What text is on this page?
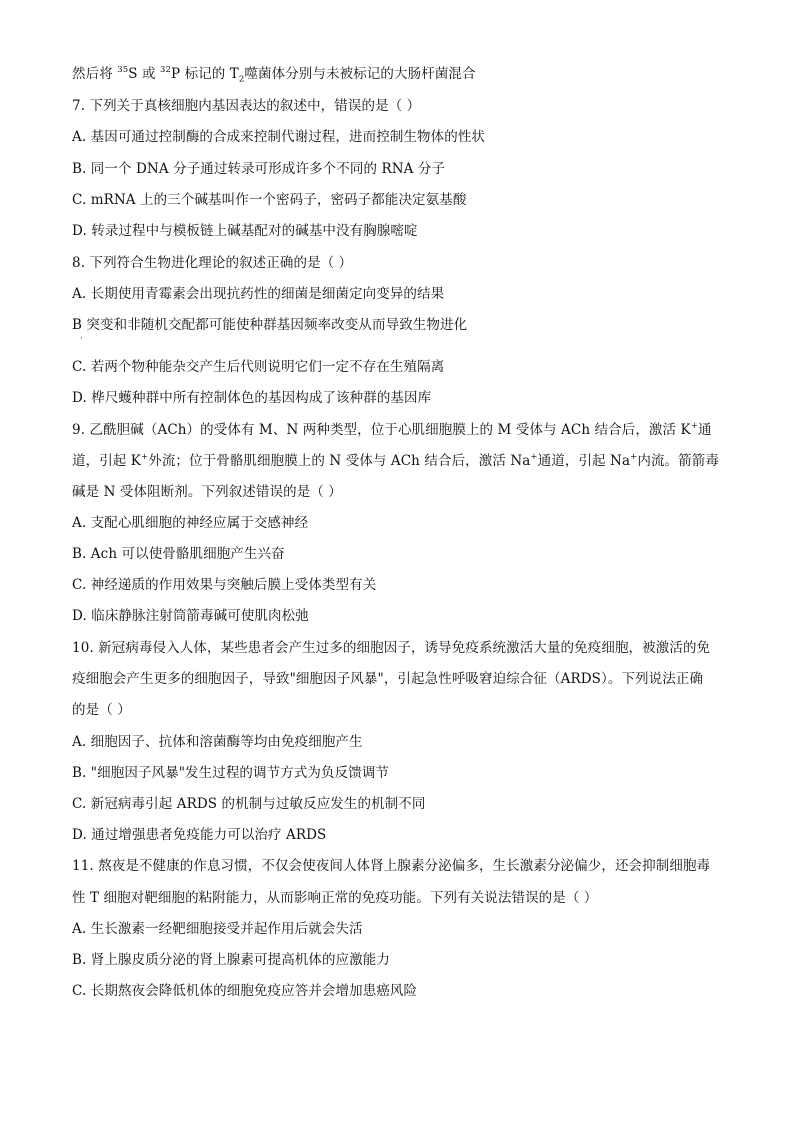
然后将 $^{35}$S 或 $^{32}$P 标记的 $T_2$噬菌体分别与未被标记的大肠杆菌混合
7. 下列关于真核细胞内基因表达的叙述中，错误的是（ ）
A. 基因可通过控制酶的合成来控制代谢过程，进而控制生物体的性状
B. 同一个 DNA 分子通过转录可形成许多个不同的 RNA 分子
C. mRNA 上的三个碱基叫作一个密码子，密码子都能决定氨基酸
D. 转录过程中与模板链上碱基配对的碱基中没有胸腺嘧啶
8. 下列符合生物进化理论的叙述正确的是（ ）
A. 长期使用青霉素会出现抗药性的细菌是细菌定向变异的结果
B 突变和非随机交配都可能使种群基因频率改变从而导致生物进化
·
C. 若两个物种能杂交产生后代则说明它们一定不存在生殖隔离
D. 桦尺蠖种群中所有控制体色的基因构成了该种群的基因库
9. 乙酰胆碱（ACh）的受体有 M、N 两种类型，位于心肌细胞膜上的 M 受体与 ACh 结合后，激活 K+通
道，引起 K+外流；位于骨骼肌细胞膜上的 N 受体与 ACh 结合后，激活 Na+通道，引起 Na+内流。箭箭毒
碱是 N 受体阻断剂。下列叙述错误的是（ ）
A. 支配心肌细胞的神经应属于交感神经
B. Ach 可以使骨骼肌细胞产生兴奋
C. 神经递质的作用效果与突触后膜上受体类型有关
D. 临床静脉注射筒箭毒碱可使肌肉松弛
10. 新冠病毒侵入人体，某些患者会产生过多的细胞因子，诱导免疫系统激活大量的免疫细胞，被激活的免
疫细胞会产生更多的细胞因子，导致"细胞因子风暴"，引起急性呼吸窘迫综合征（ARDS）。下列说法正确
的是（ ）
A. 细胞因子、抗体和溶菌酶等均由免疫细胞产生
B. "细胞因子风暴"发生过程的调节方式为负反馈调节
C. 新冠病毒引起 ARDS 的机制与过敏反应发生的机制不同
D. 通过增强患者免疫能力可以治疗 ARDS
11. 熬夜是不健康的作息习惯，不仅会使夜间人体肾上腺素分泌偏多，生长激素分泌偏少，还会抑制细胞毒
性 T 细胞对靶细胞的粘附能力，从而影响正常的免疫功能。下列有关说法错误的是（ ）
A. 生长激素一经靶细胞接受并起作用后就会失活
B. 肾上腺皮质分泌的肾上腺素可提高机体的应激能力
C. 长期熬夜会降低机体的细胞免疫应答并会增加患癌风险
